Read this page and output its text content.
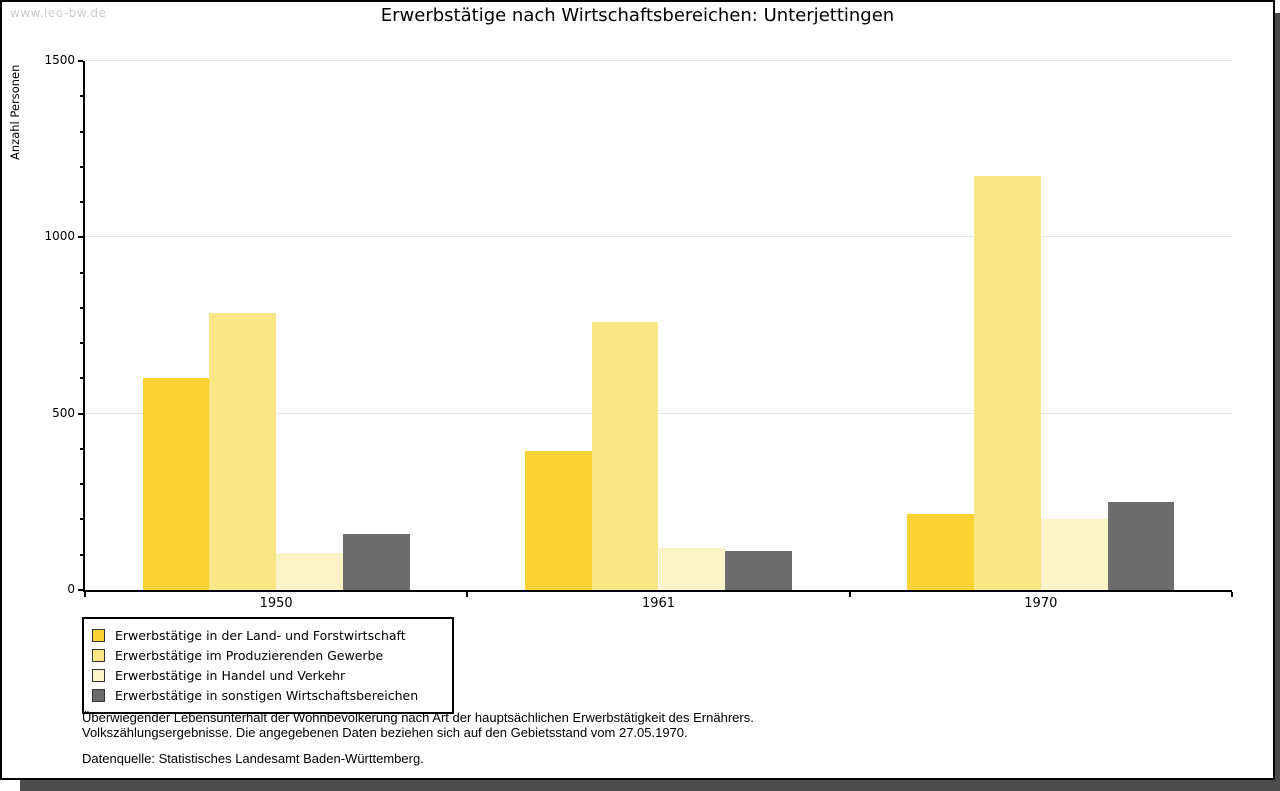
www.leo-bw.de	Erwerbstätige nach Wirtschaftsbereichen: Unterjettingen
Anzahl Personen
0
500
1000
1500
1950	1961	1970
Erwerbstätige in der Land- und Forstwirtschaft
Erwerbstätige im Produzierenden Gewerbe
Erwerbstätige in Handel und Verkehr
Erwerbstätige in sonstigen Wirtschaftsbereichen
Überwiegender Lebensunterhalt der Wohnbevölkerung nach Art der hauptsächlichen Erwerbstätigkeit des Ernährers.
Volkszählungsergebnisse. Die angegebenen Daten beziehen sich auf den Gebietsstand vom 27.05.1970.
Datenquelle: Statistisches Landesamt Baden-Württemberg.
